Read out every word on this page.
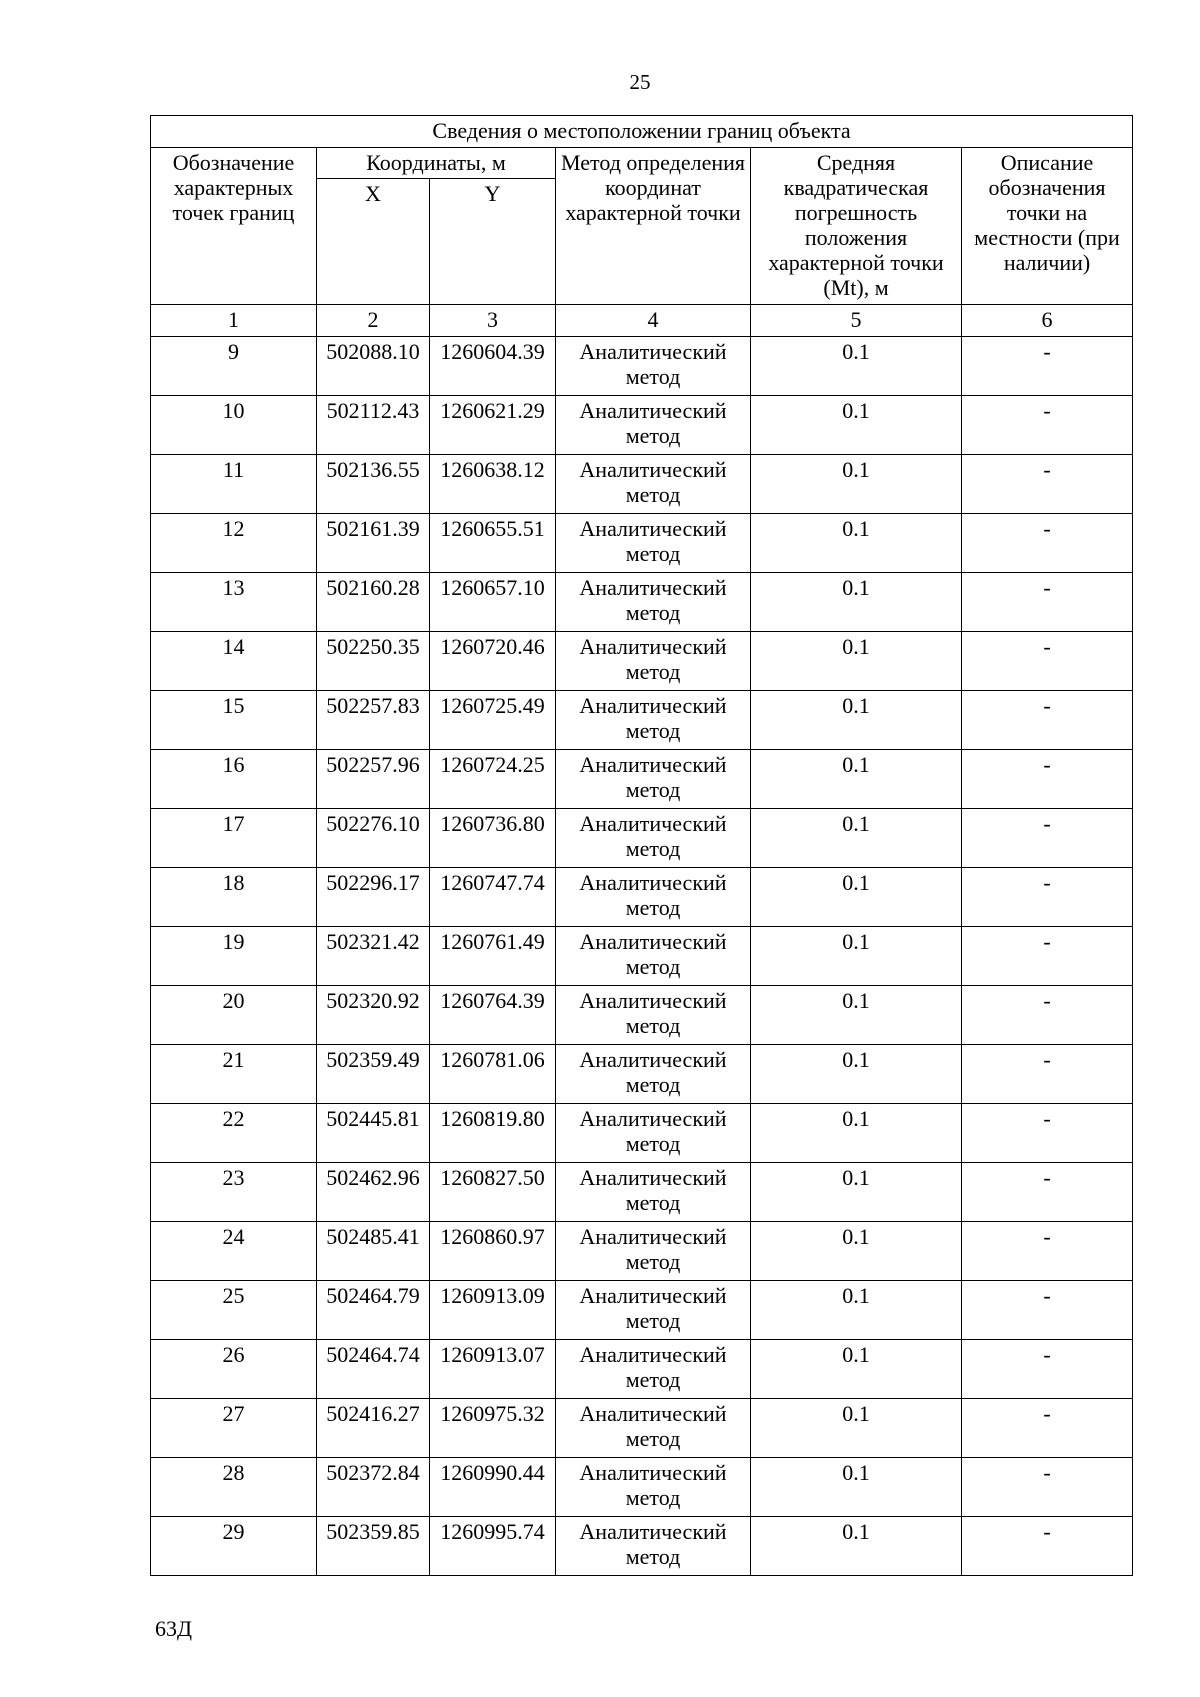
25
Сведения о местоположении границ объекта					
Обозначение характерных точек границ	Координаты, м		Метод определения координат характерной точки	Средняя квадратическая погрешность положения характерной точки (Mt), м	Описание обозначения точки на местности (при наличии)
	X	Y			
1	2	3	4	5	6
9	502088.10	1260604.39	Аналитический метод	0.1	-
10	502112.43	1260621.29	Аналитический метод	0.1	-
11	502136.55	1260638.12	Аналитический метод	0.1	-
12	502161.39	1260655.51	Аналитический метод	0.1	-
13	502160.28	1260657.10	Аналитический метод	0.1	-
14	502250.35	1260720.46	Аналитический метод	0.1	-
15	502257.83	1260725.49	Аналитический метод	0.1	-
16	502257.96	1260724.25	Аналитический метод	0.1	-
17	502276.10	1260736.80	Аналитический метод	0.1	-
18	502296.17	1260747.74	Аналитический метод	0.1	-
19	502321.42	1260761.49	Аналитический метод	0.1	-
20	502320.92	1260764.39	Аналитический метод	0.1	-
21	502359.49	1260781.06	Аналитический метод	0.1	-
22	502445.81	1260819.80	Аналитический метод	0.1	-
23	502462.96	1260827.50	Аналитический метод	0.1	-
24	502485.41	1260860.97	Аналитический метод	0.1	-
25	502464.79	1260913.09	Аналитический метод	0.1	-
26	502464.74	1260913.07	Аналитический метод	0.1	-
27	502416.27	1260975.32	Аналитический метод	0.1	-
28	502372.84	1260990.44	Аналитический метод	0.1	-
29	502359.85	1260995.74	Аналитический метод	0.1	-
63Д
